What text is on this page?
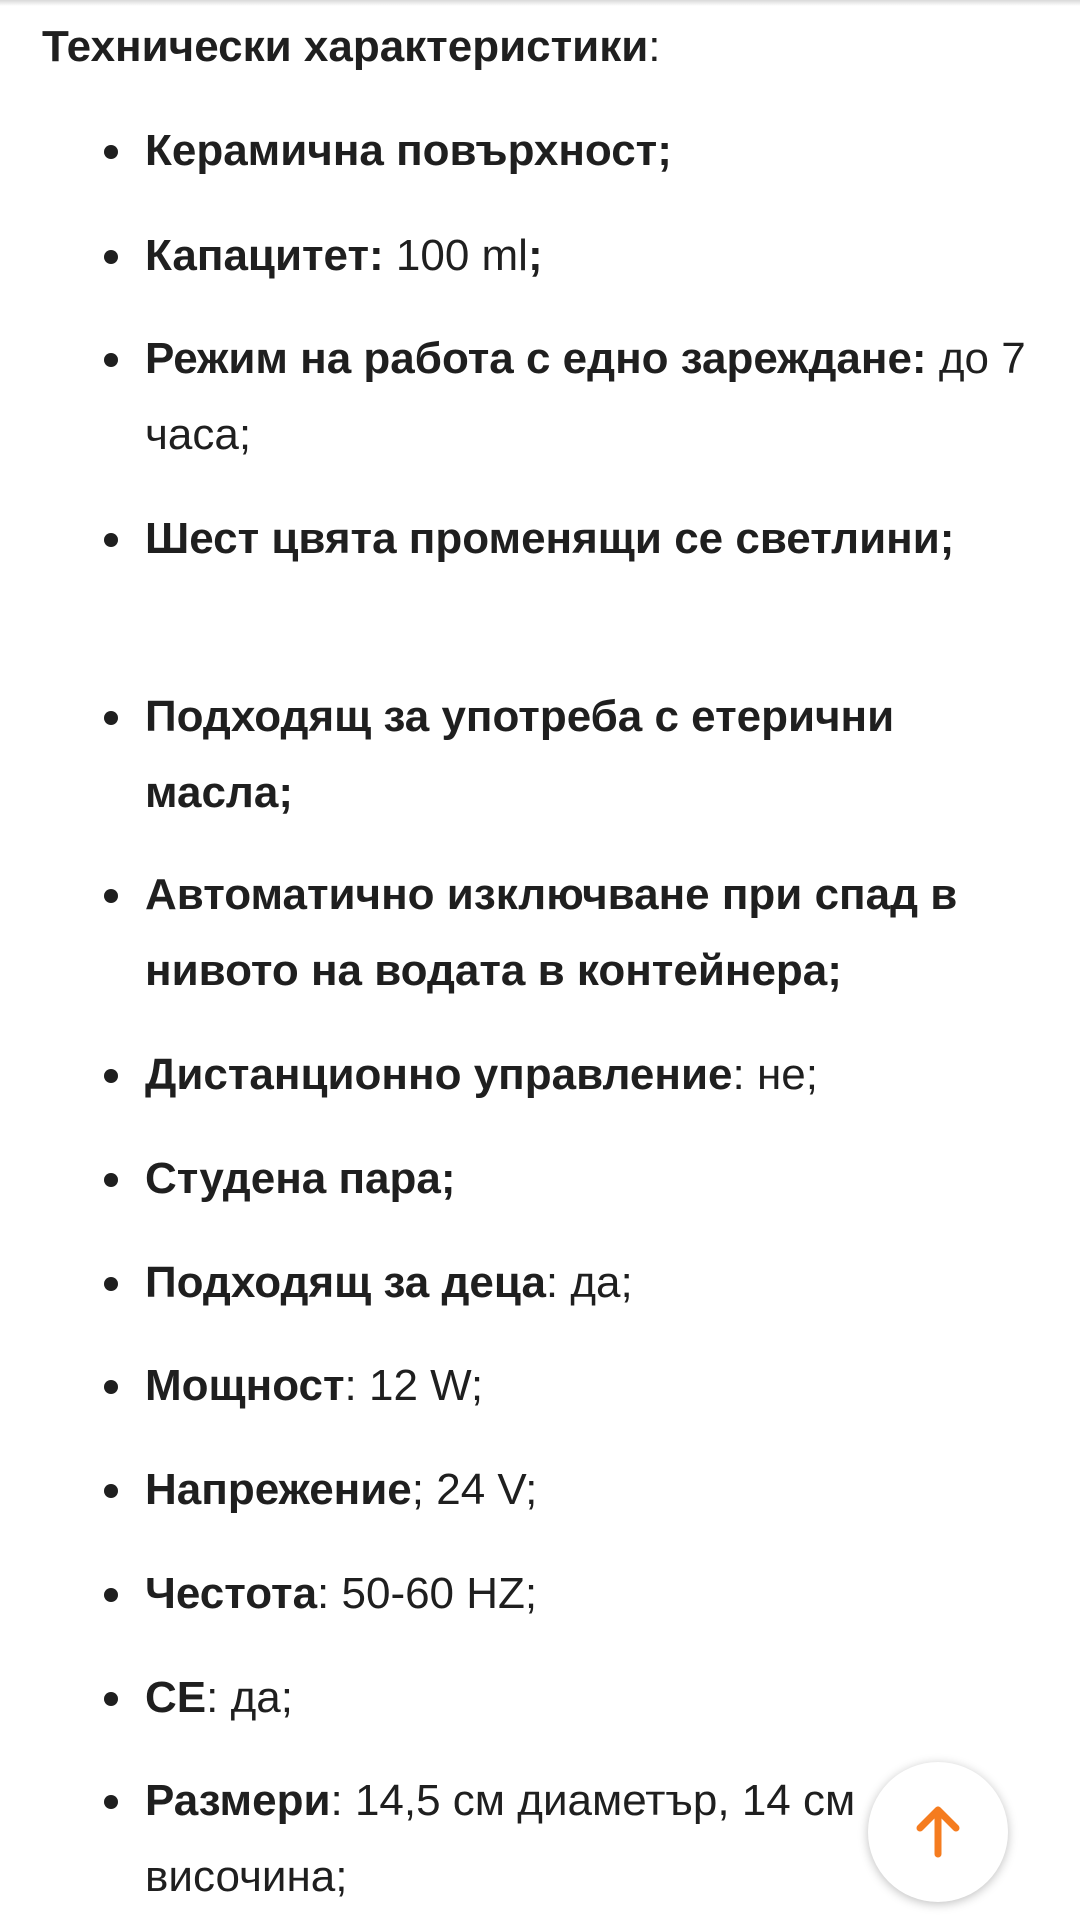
Технически характеристики:
Керамична повърхност;
Капацитет: 100 ml;
Режим на работа с едно зареждане: до 7 часа;
Шест цвята променящи се светлини;
Подходящ за употреба с етерични масла;
Автоматично изключване при спад в нивото на водата в контейнера;
Дистанционно управление: не;
Студена пара;
Подходящ за деца: да;
Мощност: 12 W;
Напрежение; 24 V;
Честота: 50-60 HZ;
CE: да;
Размери: 14,5 см диаметър, 14 см височина;
